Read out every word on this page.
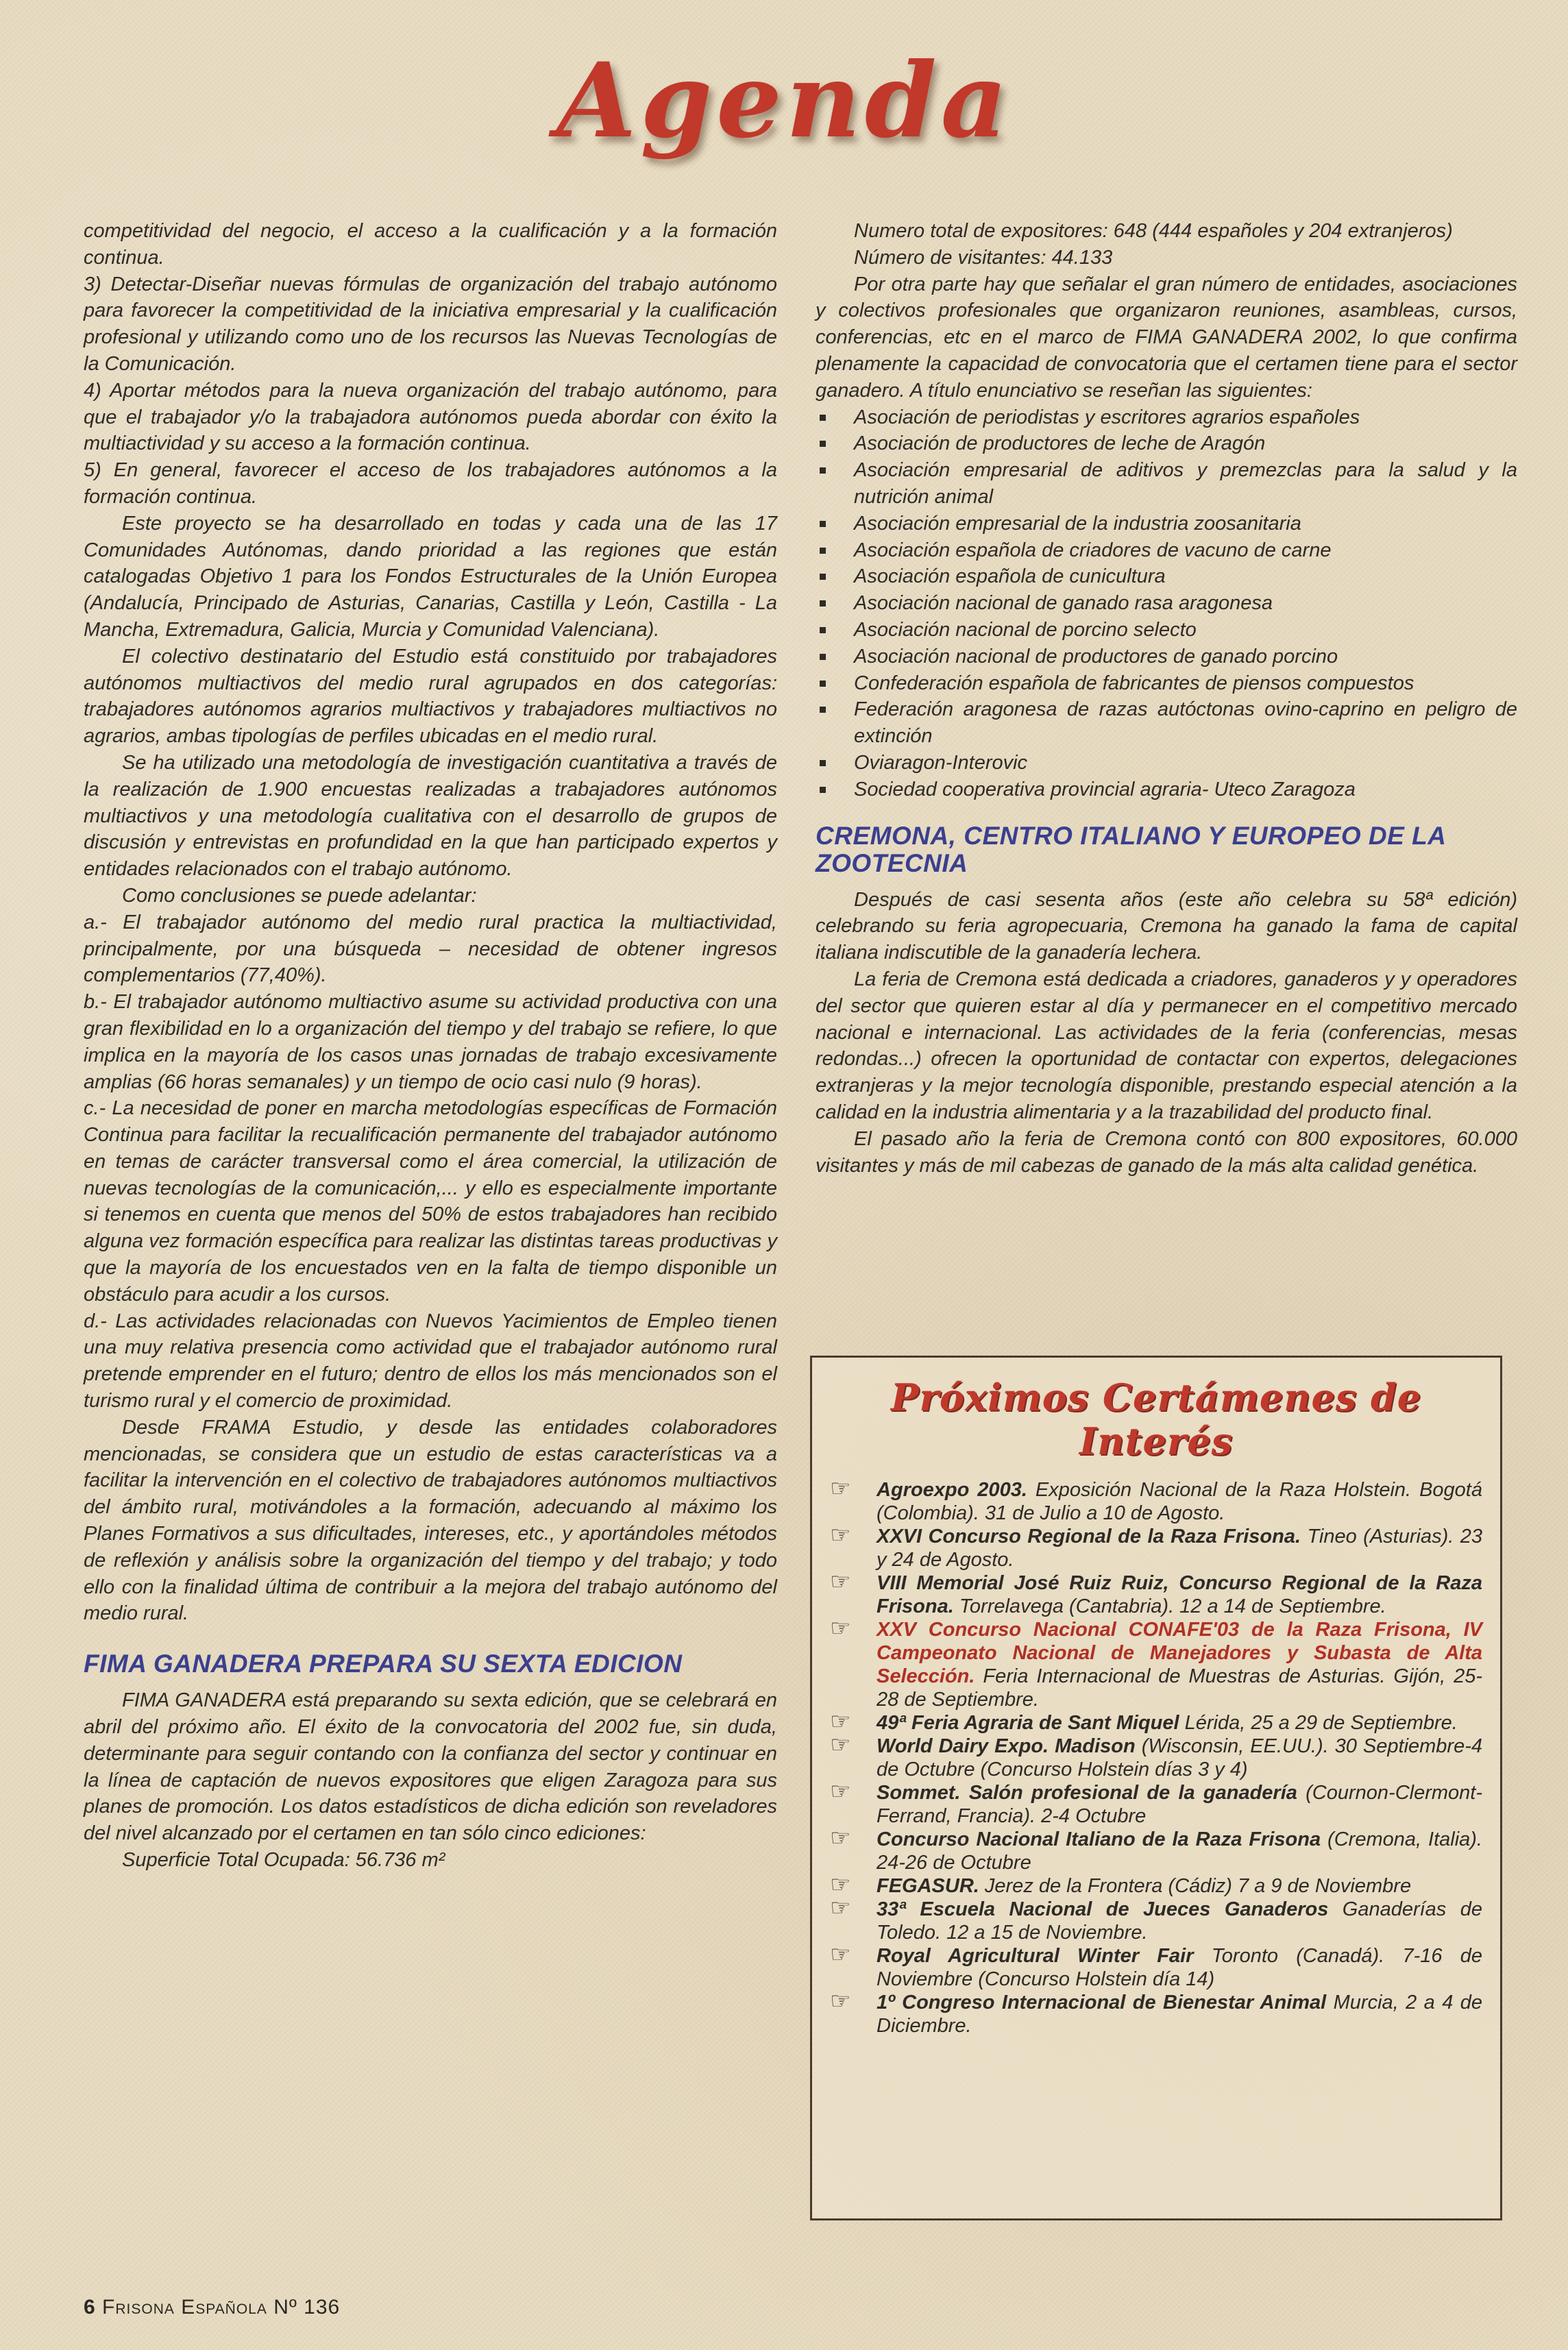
Agenda

competitividad del negocio, el acceso a la cualificación y a la formación continua.

3) Detectar-Diseñar nuevas fórmulas de organización del trabajo autónomo para favorecer la competitividad de la iniciativa empresarial y la cualificación profesional y utilizando como uno de los recursos las Nuevas Tecnologías de la Comunicación.

4) Aportar métodos para la nueva organización del trabajo autónomo, para que el trabajador y/o la trabajadora autónomos pueda abordar con éxito la multiactividad y su acceso a la formación continua.

5) En general, favorecer el acceso de los trabajadores autónomos a la formación continua.

Este proyecto se ha desarrollado en todas y cada una de las 17 Comunidades Autónomas, dando prioridad a las regiones que están catalogadas Objetivo 1 para los Fondos Estructurales de la Unión Europea (Andalucía, Principado de Asturias, Canarias, Castilla y León, Castilla - La Mancha, Extremadura, Galicia, Murcia y Comunidad Valenciana).

El colectivo destinatario del Estudio está constituido por trabajadores autónomos multiactivos del medio rural agrupados en dos categorías: trabajadores autónomos agrarios multiactivos y trabajadores multiactivos no agrarios, ambas tipologías de perfiles ubicadas en el medio rural.

Se ha utilizado una metodología de investigación cuantitativa a través de la realización de 1.900 encuestas realizadas a trabajadores autónomos multiactivos y una metodología cualitativa con el desarrollo de grupos de discusión y entrevistas en profundidad en la que han participado expertos y entidades relacionados con el trabajo autónomo.

Como conclusiones se puede adelantar:

a.- El trabajador autónomo del medio rural practica la multiactividad, principalmente, por una búsqueda – necesidad de obtener ingresos complementarios (77,40%).

b.- El trabajador autónomo multiactivo asume su actividad productiva con una gran flexibilidad en lo a organización del tiempo y del trabajo se refiere, lo que implica en la mayoría de los casos unas jornadas de trabajo excesivamente amplias (66 horas semanales) y un tiempo de ocio casi nulo (9 horas).

c.- La necesidad de poner en marcha metodologías específicas de Formación Continua para facilitar la recualificación permanente del trabajador autónomo en temas de carácter transversal como el área comercial, la utilización de nuevas tecnologías de la comunicación,... y ello es especialmente importante si tenemos en cuenta que menos del 50% de estos trabajadores han recibido alguna vez formación específica para realizar las distintas tareas productivas y que la mayoría de los encuestados ven en la falta de tiempo disponible un obstáculo para acudir a los cursos.

d.- Las actividades relacionadas con Nuevos Yacimientos de Empleo tienen una muy relativa presencia como actividad que el trabajador autónomo rural pretende emprender en el futuro; dentro de ellos los más mencionados son el turismo rural y el comercio de proximidad.

Desde FRAMA Estudio, y desde las entidades colaboradores mencionadas, se considera que un estudio de estas características va a facilitar la intervención en el colectivo de trabajadores autónomos multiactivos del ámbito rural, motivándoles a la formación, adecuando al máximo los Planes Formativos a sus dificultades, intereses, etc., y aportándoles métodos de reflexión y análisis sobre la organización del tiempo y del trabajo; y todo ello con la finalidad última de contribuir a la mejora del trabajo autónomo del medio rural.

FIMA GANADERA PREPARA SU SEXTA EDICION

FIMA GANADERA está preparando su sexta edición, que se celebrará en abril del próximo año. El éxito de la convocatoria del 2002 fue, sin duda, determinante para seguir contando con la confianza del sector y continuar en la línea de captación de nuevos expositores que eligen Zaragoza para sus planes de promoción. Los datos estadísticos de dicha edición son reveladores del nivel alcanzado por el certamen en tan sólo cinco ediciones:

Superficie Total Ocupada: 56.736 m²

Numero total de expositores: 648 (444 españoles y 204 extranjeros)

Número de visitantes: 44.133

Por otra parte hay que señalar el gran número de entidades, asociaciones y colectivos profesionales que organizaron reuniones, asambleas, cursos, conferencias, etc en el marco de FIMA GANADERA 2002, lo que confirma plenamente la capacidad de convocatoria que el certamen tiene para el sector ganadero. A título enunciativo se reseñan las siguientes:

Asociación de periodistas y escritores agrarios españoles
Asociación de productores de leche de Aragón
Asociación empresarial de aditivos y premezclas para la salud y la nutrición animal
Asociación empresarial de la industria zoosanitaria
Asociación española de criadores de vacuno de carne
Asociación española de cunicultura
Asociación nacional de ganado rasa aragonesa
Asociación nacional de porcino selecto
Asociación nacional de productores de ganado porcino
Confederación española de fabricantes de piensos compuestos
Federación aragonesa de razas autóctonas ovino-caprino en peligro de extinción
Oviaragon-Interovic
Sociedad cooperativa provincial agraria- Uteco Zaragoza
CREMONA, CENTRO ITALIANO Y EUROPEO DE LA ZOOTECNIA

Después de casi sesenta años (este año celebra su 58ª edición) celebrando su feria agropecuaria, Cremona ha ganado la fama de capital italiana indiscutible de la ganadería lechera.

La feria de Cremona está dedicada a criadores, ganaderos y y operadores del sector que quieren estar al día y permanecer en el competitivo mercado nacional e internacional. Las actividades de la feria (conferencias, mesas redondas...) ofrecen la oportunidad de contactar con expertos, delegaciones extranjeras y la mejor tecnología disponible, prestando especial atención a la calidad en la industria alimentaria y a la trazabilidad del producto final.

El pasado año la feria de Cremona contó con 800 expositores, 60.000 visitantes y más de mil cabezas de ganado de la más alta calidad genética.

Próximos Certámenes de Interés
☞ Agroexpo 2003. Exposición Nacional de la Raza Holstein. Bogotá (Colombia). 31 de Julio a 10 de Agosto.
☞ XXVI Concurso Regional de la Raza Frisona. Tineo (Asturias). 23 y 24 de Agosto.
☞ VIII Memorial José Ruiz Ruiz, Concurso Regional de la Raza Frisona. Torrelavega (Cantabria). 12 a 14 de Septiembre.
☞ XXV Concurso Nacional CONAFE'03 de la Raza Frisona, IV Campeonato Nacional de Manejadores y Subasta de Alta Selección. Feria Internacional de Muestras de Asturias. Gijón, 25-28 de Septiembre.
☞ 49ª Feria Agraria de Sant Miquel Lérida, 25 a 29 de Septiembre.
☞ World Dairy Expo. Madison (Wisconsin, EE.UU.). 30 Septiembre-4 de Octubre (Concurso Holstein días 3 y 4)
☞ Sommet. Salón profesional de la ganadería (Cournon-Clermont-Ferrand, Francia). 2-4 Octubre
☞ Concurso Nacional Italiano de la Raza Frisona (Cremona, Italia). 24-26 de Octubre
☞ FEGASUR. Jerez de la Frontera (Cádiz) 7 a 9 de Noviembre
☞ 33ª Escuela Nacional de Jueces Ganaderos Ganaderías de Toledo. 12 a 15 de Noviembre.
☞ Royal Agricultural Winter Fair Toronto (Canadá). 7-16 de Noviembre (Concurso Holstein día 14)
☞ 1º Congreso Internacional de Bienestar Animal Murcia, 2 a 4 de Diciembre.
6 Frisona Española Nº 136
